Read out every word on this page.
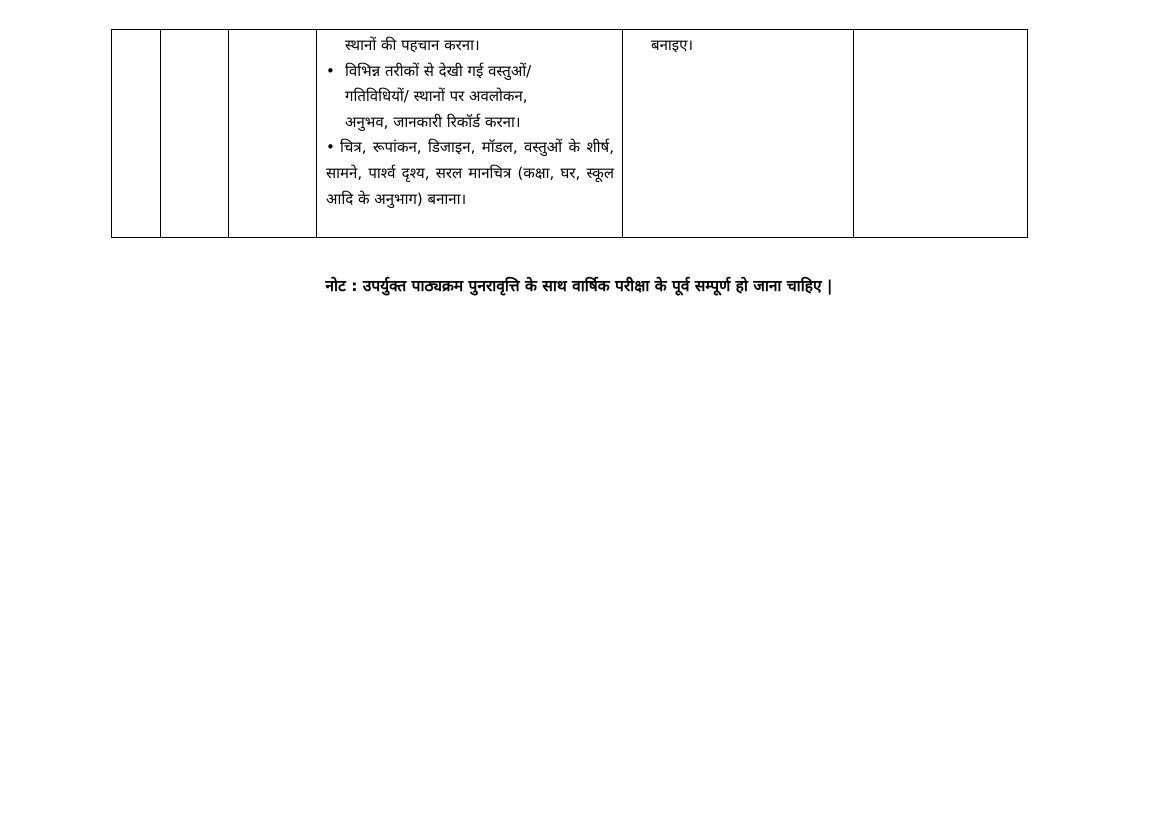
स्थानों की पहचान करना।
• विभिन्न तरीकों से देखी गई वस्तुओं/
गतिविधियों/ स्थानों पर अवलोकन,
अनुभव, जानकारी रिकॉर्ड करना।
• चित्र, रूपांकन, डिजाइन, मॉडल, वस्तुओं के शीर्ष, सामने, पार्श्व दृश्य, सरल मानचित्र (कक्षा, घर, स्कूल आदि के अनुभाग) बनाना।

बनाइए।

नोट : उपर्युक्त पाठ्यक्रम पुनरावृत्ति के साथ वार्षिक परीक्षा के पूर्व सम्पूर्ण हो जाना चाहिए |
